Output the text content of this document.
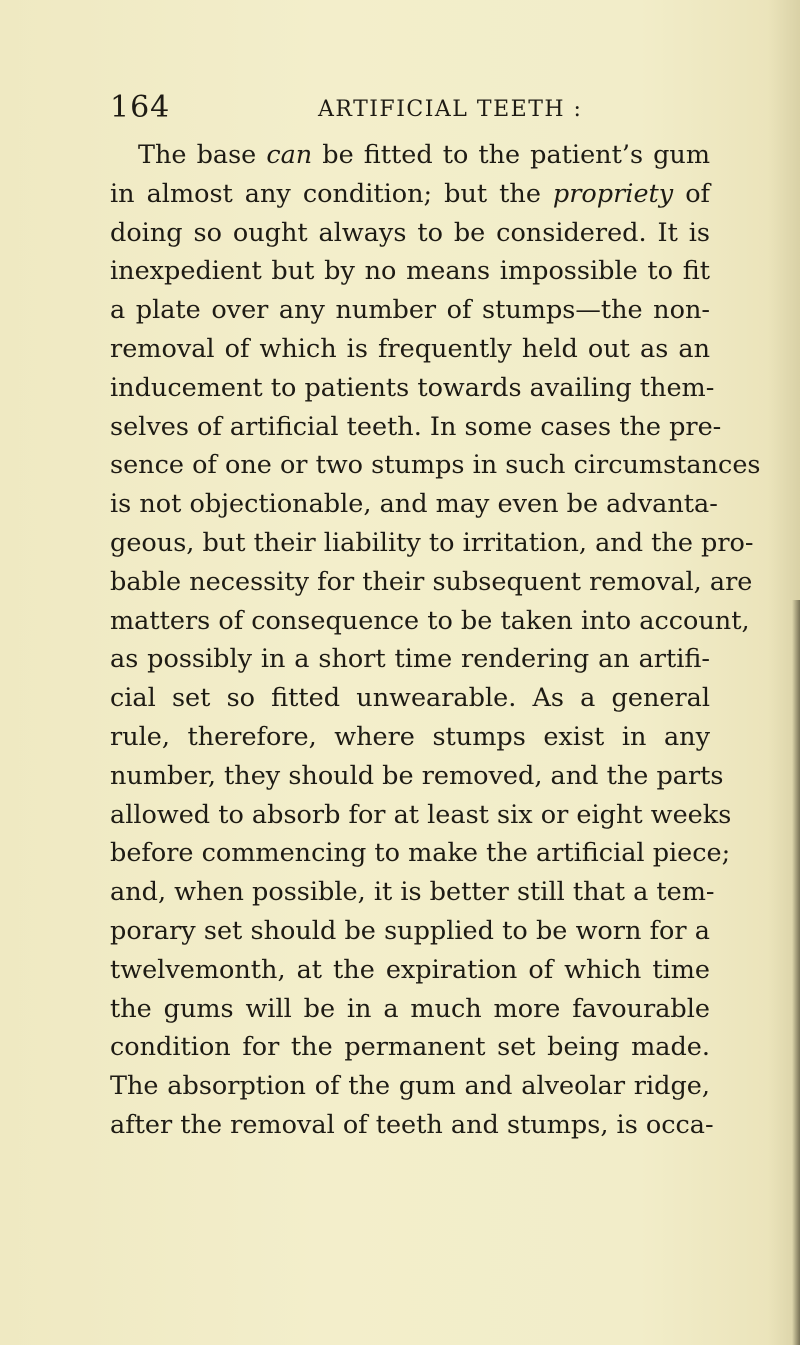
164	ARTIFICIAL TEETH :
The base can be fitted to the patient’s gum
in almost any condition; but the propriety of
doing so ought always to be considered. It is
inexpedient but by no means impossible to fit
a plate over any number of stumps—the non-
removal of which is frequently held out as an
inducement to patients towards availing them-
selves of artificial teeth. In some cases the pre-
sence of one or two stumps in such circumstances
is not objectionable, and may even be advanta-
geous, but their liability to irritation, and the pro-
bable necessity for their subsequent removal, are
matters of consequence to be taken into account,
as possibly in a short time rendering an artifi-
cial set so fitted unwearable. As a general
rule, therefore, where stumps exist in any
number, they should be removed, and the parts
allowed to absorb for at least six or eight weeks
before commencing to make the artificial piece;
and, when possible, it is better still that a tem-
porary set should be supplied to be worn for a
twelvemonth, at the expiration of which time
the gums will be in a much more favourable
condition for the permanent set being made.
The absorption of the gum and alveolar ridge,
after the removal of teeth and stumps, is occa-
